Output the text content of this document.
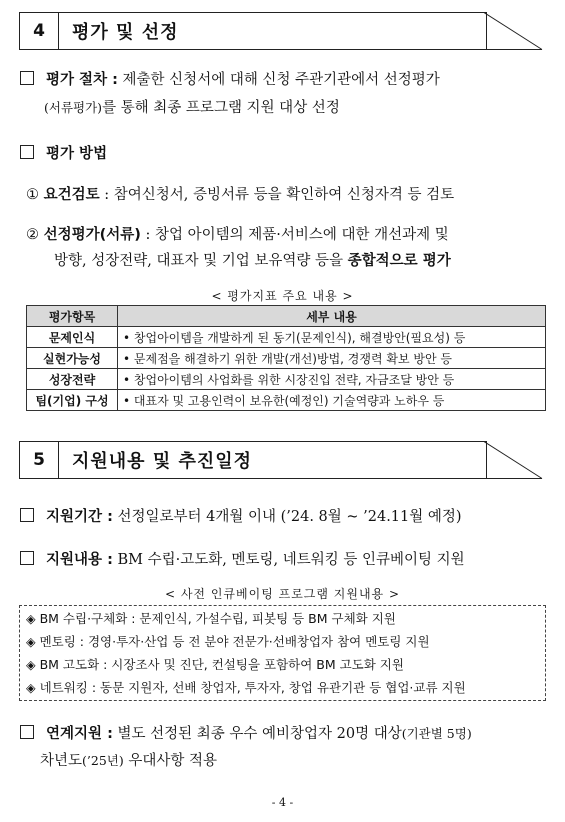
4	평가 및 선정
평가 절차 : 제출한 신청서에 대해 신청 주관기관에서 선정평가
(서류평가)를 통해 최종 프로그램 지원 대상 선정
평가 방법
① 요건검토 : 참여신청서, 증빙서류 등을 확인하여 신청자격 등 검토
② 선정평가(서류) : 창업 아이템의 제품·서비스에 대한 개선과제 및
방향, 성장전략, 대표자 및 기업 보유역량 등을 종합적으로 평가
< 평가지표 주요 내용 >
평가항목	세부 내용
문제인식	• 창업아이템을 개발하게 된 동기(문제인식), 해결방안(필요성) 등
실현가능성	• 문제점을 해결하기 위한 개발(개선)방법, 경쟁력 확보 방안 등
성장전략	• 창업아이템의 사업화를 위한 시장진입 전략, 자금조달 방안 등
팀(기업) 구성	• 대표자 및 고용인력이 보유한(예정인) 기술역량과 노하우 등
5	지원내용 및 추진일정
지원기간 : 선정일로부터 4개월 이내 (’24. 8월 ~ ’24.11월 예정)
지원내용 : BM 수립·고도화, 멘토링, 네트워킹 등 인큐베이팅 지원
< 사전 인큐베이팅 프로그램 지원내용 >
◈ BM 수립·구체화 : 문제인식, 가설수립, 피봇팅 등 BM 구체화 지원
◈ 멘토링 : 경영·투자·산업 등 전 분야 전문가·선배창업자 참여 멘토링 지원
◈ BM 고도화 : 시장조사 및 진단, 컨설팅을 포함하여 BM 고도화 지원
◈ 네트워킹 : 동문 지원자, 선배 창업자, 투자자, 창업 유관기관 등 협업·교류 지원
연계지원 : 별도 선정된 최종 우수 예비창업자 20명 대상(기관별 5명)
차년도(’25년) 우대사항 적용
- 4 -
